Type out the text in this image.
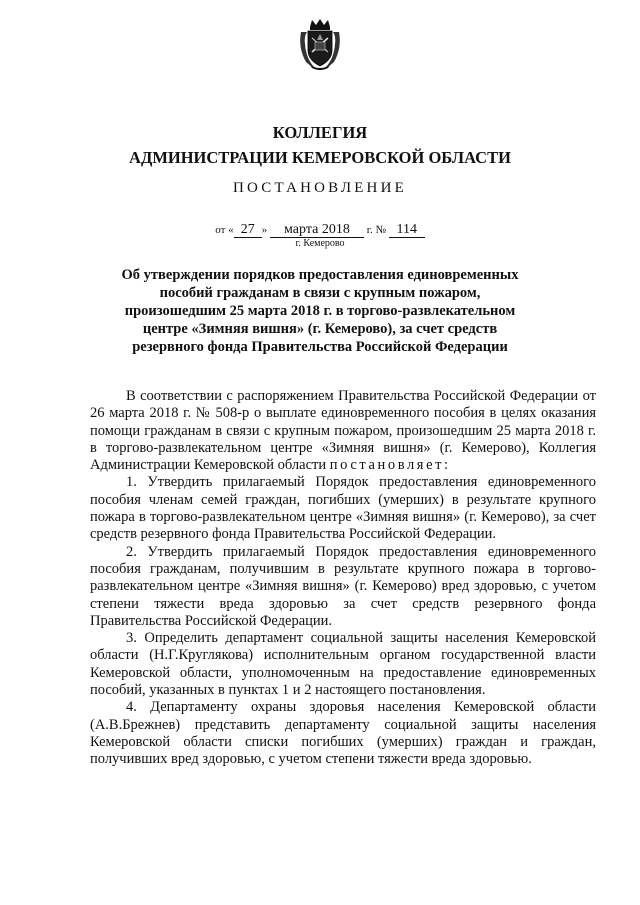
КОЛЛЕГИЯ
АДМИНИСТРАЦИИ КЕМЕРОВСКОЙ ОБЛАСТИ
ПОСТАНОВЛЕНИЕ
от « 27 » марта 2018 г. № 114
г. Кемерово
Об утверждении порядков предоставления единовременных
пособий гражданам в связи с крупным пожаром,
произошедшим 25 марта 2018 г. в торгово-развлекательном
центре «Зимняя вишня» (г. Кемерово), за счет средств
резервного фонда Правительства Российской Федерации

В соответствии с распоряжением Правительства Российской Федерации от 26 марта 2018 г. № 508-р о выплате единовременного пособия в целях оказания помощи гражданам в связи с крупным пожаром, произошедшим 25 марта 2018 г. в торгово-развлекательном центре «Зимняя вишня» (г. Кемерово), Коллегия Администрации Кемеровской области постановляет:

1. Утвердить прилагаемый Порядок предоставления единовременного пособия членам семей граждан, погибших (умерших) в результате крупного пожара в торгово-развлекательном центре «Зимняя вишня» (г. Кемерово), за счет средств резервного фонда Правительства Российской Федерации.

2. Утвердить прилагаемый Порядок предоставления единовременного пособия гражданам, получившим в результате крупного пожара в торгово-развлекательном центре «Зимняя вишня» (г. Кемерово) вред здоровью, с учетом степени тяжести вреда здоровью за счет средств резервного фонда Правительства Российской Федерации.

3. Определить департамент социальной защиты населения Кемеровской области (Н.Г.Круглякова) исполнительным органом государственной власти Кемеровской области, уполномоченным на предоставление единовременных пособий, указанных в пунктах 1 и 2 настоящего постановления.

4. Департаменту охраны здоровья населения Кемеровской области (А.В.Брежнев) представить департаменту социальной защиты населения Кемеровской области списки погибших (умерших) граждан и граждан, получивших вред здоровью, с учетом степени тяжести вреда здоровью.
